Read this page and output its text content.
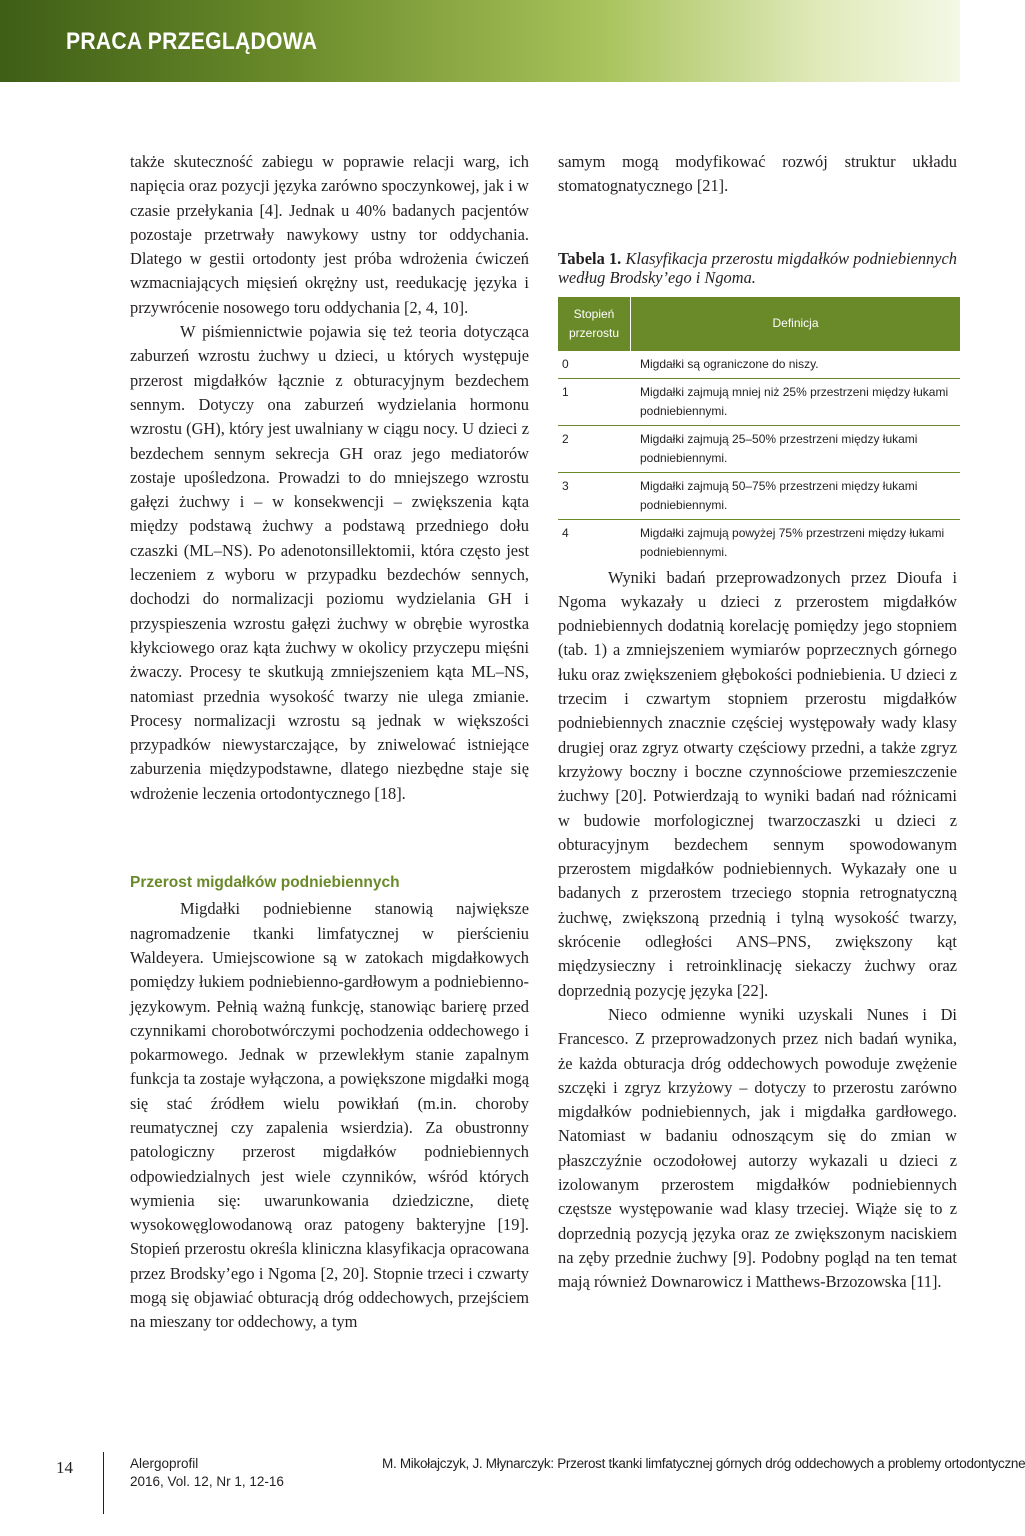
PRACA PRZEGLĄDOWA

także skuteczność zabiegu w poprawie relacji warg, ich napięcia oraz pozycji języka zarówno spoczynkowej, jak i w czasie przełykania [4]. Jednak u 40% badanych pacjentów pozostaje przetrwały nawykowy ustny tor oddychania. Dlatego w gestii ortodonty jest próba wdrożenia ćwiczeń wzmacniających mięsień okrężny ust, reedukację języka i przywrócenie nosowego toru oddychania [2, 4, 10].

W piśmiennictwie pojawia się też teoria dotycząca zaburzeń wzrostu żuchwy u dzieci, u których występuje przerost migdałków łącznie z obturacyjnym bezdechem sennym. Dotyczy ona zaburzeń wydzielania hormonu wzrostu (GH), który jest uwalniany w ciągu nocy. U dzieci z bezdechem sennym sekrecja GH oraz jego mediatorów zostaje upośledzona. Prowadzi to do mniejszego wzrostu gałęzi żuchwy i – w konsekwencji – zwiększenia kąta między podstawą żuchwy a podstawą przedniego dołu czaszki (ML–NS). Po adenotonsillektomii, która często jest leczeniem z wyboru w przypadku bezdechów sennych, dochodzi do normalizacji poziomu wydzielania GH i przyspieszenia wzrostu gałęzi żuchwy w obrębie wyrostka kłykciowego oraz kąta żuchwy w okolicy przyczepu mięśni żwaczy. Procesy te skutkują zmniejszeniem kąta ML–NS, natomiast przednia wysokość twarzy nie ulega zmianie. Procesy normalizacji wzrostu są jednak w większości przypadków niewystarczające, by zniwelować istniejące zaburzenia międzypodstawne, dlatego niezbędne staje się wdrożenie leczenia ortodontycznego [18].

Przerost migdałków podniebiennych

Migdałki podniebienne stanowią największe nagromadzenie tkanki limfatycznej w pierścieniu Waldeyera. Umiejscowione są w zatokach migdałkowych pomiędzy łukiem podniebienno-gardłowym a podniebienno-językowym. Pełnią ważną funkcję, stanowiąc barierę przed czynnikami chorobotwórczymi pochodzenia oddechowego i pokarmowego. Jednak w przewlekłym stanie zapalnym funkcja ta zostaje wyłączona, a powiększone migdałki mogą się stać źródłem wielu powikłań (m.in. choroby reumatycznej czy zapalenia wsierdzia). Za obustronny patologiczny przerost migdałków podniebiennych odpowiedzialnych jest wiele czynników, wśród których wymienia się: uwarunkowania dziedziczne, dietę wysokowęglowodanową oraz patogeny bakteryjne [19]. Stopień przerostu określa kliniczna klasyfikacja opracowana przez Brodsky’ego i Ngoma [2, 20]. Stopnie trzeci i czwarty mogą się objawiać obturacją dróg oddechowych, przejściem na mieszany tor oddechowy, a tym

samym mogą modyfikować rozwój struktur układu stomatognatycznego [21].

Tabela 1. Klasyfikacja przerostu migdałków podniebiennych według Brodsky’ego i Ngoma.
Stopień przerostu
Definicja
0	Migdałki są ograniczone do niszy.
1	Migdałki zajmują mniej niż 25% przestrzeni między łukami podniebiennymi.
2	Migdałki zajmują 25–50% przestrzeni między łukami podniebiennymi.
3	Migdałki zajmują 50–75% przestrzeni między łukami podniebiennymi.
4	Migdałki zajmują powyżej 75% przestrzeni między łukami podniebiennymi.

Wyniki badań przeprowadzonych przez Dioufa i Ngoma wykazały u dzieci z przerostem migdałków podniebiennych dodatnią korelację pomiędzy jego stopniem (tab. 1) a zmniejszeniem wymiarów poprzecznych górnego łuku oraz zwiększeniem głębokości podniebienia. U dzieci z trzecim i czwartym stopniem przerostu migdałków podniebiennych znacznie częściej występowały wady klasy drugiej oraz zgryz otwarty częściowy przedni, a także zgryz krzyżowy boczny i boczne czynnościowe przemieszczenie żuchwy [20]. Potwierdzają to wyniki badań nad różnicami w budowie morfologicznej twarzoczaszki u dzieci z obturacyjnym bezdechem sennym spowodowanym przerostem migdałków podniebiennych. Wykazały one u badanych z przerostem trzeciego stopnia retrognatyczną żuchwę, zwiększoną przednią i tylną wysokość twarzy, skrócenie odległości ANS–PNS, zwiększony kąt międzysieczny i retroinklinację siekaczy żuchwy oraz doprzednią pozycję języka [22].

Nieco odmienne wyniki uzyskali Nunes i Di Francesco. Z przeprowadzonych przez nich badań wynika, że każda obturacja dróg oddechowych powoduje zwężenie szczęki i zgryz krzyżowy – dotyczy to przerostu zarówno migdałków podniebiennych, jak i migdałka gardłowego. Natomiast w badaniu odnoszącym się do zmian w płaszczyźnie oczodołowej autorzy wykazali u dzieci z izolowanym przerostem migdałków podniebiennych częstsze występowanie wad klasy trzeciej. Wiąże się to z doprzednią pozycją języka oraz ze zwiększonym naciskiem na zęby przednie żuchwy [9]. Podobny pogląd na ten temat mają również Downarowicz i Matthews-Brzozowska [11].

14	Alergoprofil
2016, Vol. 12, Nr 1, 12-16
M. Mikołajczyk, J. Młynarczyk: Przerost tkanki limfatycznej górnych dróg oddechowych a problemy ortodontyczne
